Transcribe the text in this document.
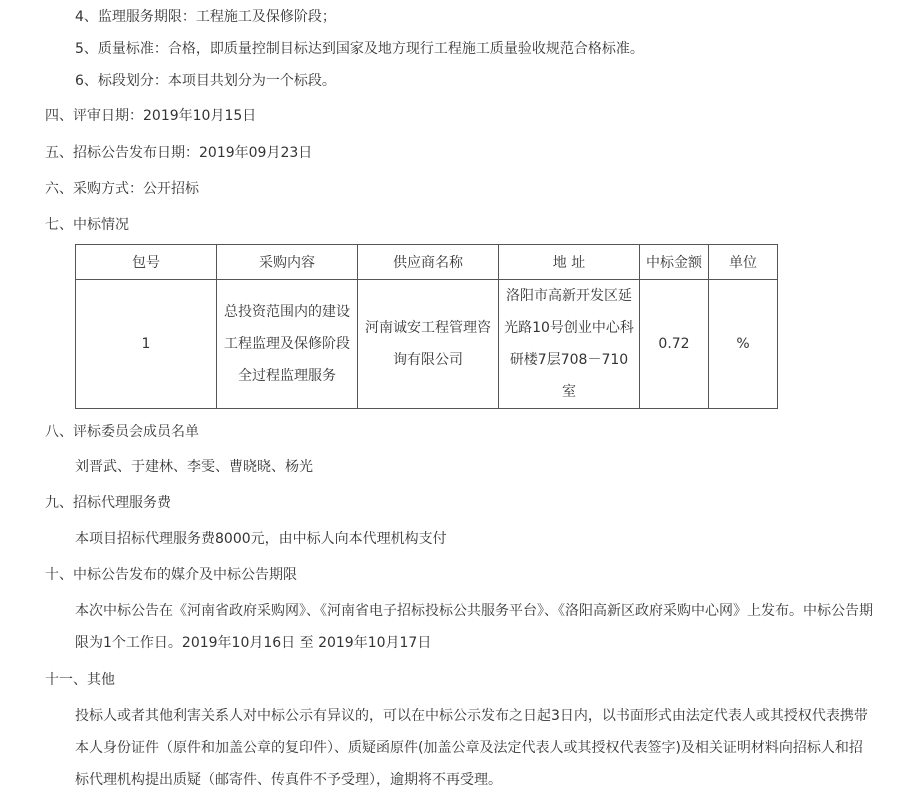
4、监理服务期限：工程施工及保修阶段；
5、质量标准：合格，即质量控制目标达到国家及地方现行工程施工质量验收规范合格标准。
6、标段划分：本项目共划分为一个标段。
四、评审日期：2019年10月15日
五、招标公告发布日期：2019年09月23日
六、采购方式：公开招标
七、中标情况
包号	采购内容	供应商名称	地 址	中标金额	单位
1	总投资范围内的建设工程监理及保修阶段全过程监理服务	河南诚安工程管理咨询有限公司	洛阳市高新开发区延光路10号创业中心科研楼7层708－710室	0.72	%
八、评标委员会成员名单
刘晋武、于建林、李雯、曹晓晓、杨光
九、招标代理服务费
本项目招标代理服务费8000元，由中标人向本代理机构支付
十、中标公告发布的媒介及中标公告期限
本次中标公告在《河南省政府采购网》、《河南省电子招标投标公共服务平台》、《洛阳高新区政府采购中心网》上发布。中标公告期限为1个工作日。2019年10月16日 至 2019年10月17日
十一、其他
投标人或者其他利害关系人对中标公示有异议的，可以在中标公示发布之日起3日内，以书面形式由法定代表人或其授权代表携带本人身份证件（原件和加盖公章的复印件）、质疑函原件(加盖公章及法定代表人或其授权代表签字)及相关证明材料向招标人和招标代理机构提出质疑（邮寄件、传真件不予受理），逾期将不再受理。
